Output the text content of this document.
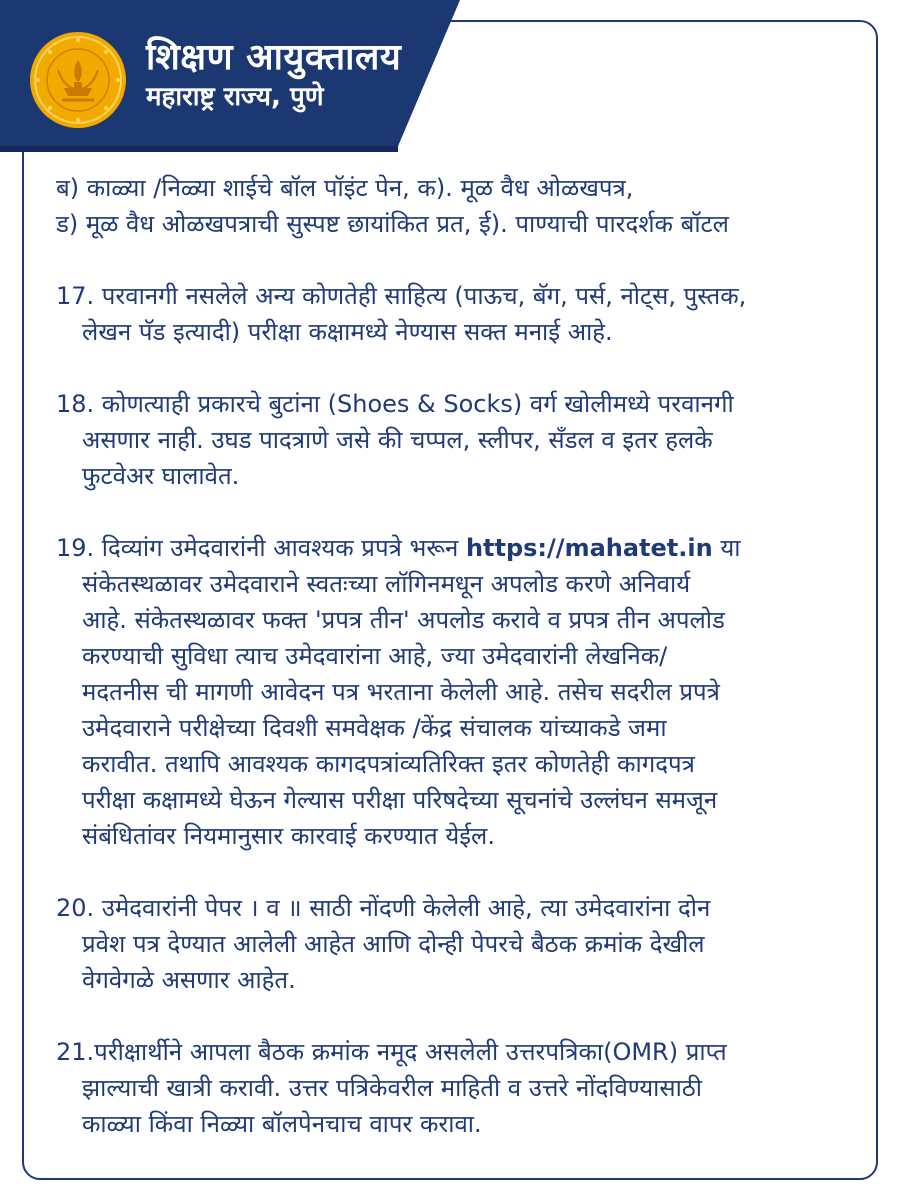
शिक्षण आयुक्तालय
महाराष्ट्र राज्य, पुणे
ब) काळ्या /निळ्या शाईचे बॉल पॉइंट पेन, क). मूळ वैध ओळखपत्र,
ड) मूळ वैध ओळखपत्राची सुस्पष्ट छायांकित प्रत, ई). पाण्याची पारदर्शक बॉटल
17. परवानगी नसलेले अन्य कोणतेही साहित्य (पाऊच, बॅग, पर्स, नोट्स, पुस्तक,
लेखन पॅड इत्यादी) परीक्षा कक्षामध्ये नेण्यास सक्त मनाई आहे.
18. कोणत्याही प्रकारचे बुटांना (Shoes & Socks) वर्ग खोलीमध्ये परवानगी
असणार नाही. उघड पादत्राणे जसे की चप्पल, स्लीपर, सँडल व इतर हलके
फुटवेअर घालावेत.
19. दिव्यांग उमेदवारांनी आवश्यक प्रपत्रे भरून https://mahatet.in या
संकेतस्थळावर उमेदवाराने स्वतःच्या लॉगिनमधून अपलोड करणे अनिवार्य
आहे. संकेतस्थळावर फक्त 'प्रपत्र तीन' अपलोड करावे व प्रपत्र तीन अपलोड
करण्याची सुविधा त्याच उमेदवारांना आहे, ज्या उमेदवारांनी लेखनिक/
मदतनीस ची मागणी आवेदन पत्र भरताना केलेली आहे. तसेच सदरील प्रपत्रे
उमेदवाराने परीक्षेच्या दिवशी समवेक्षक /केंद्र संचालक यांच्याकडे जमा
करावीत. तथापि आवश्यक कागदपत्रांव्यतिरिक्त इतर कोणतेही कागदपत्र
परीक्षा कक्षामध्ये घेऊन गेल्यास परीक्षा परिषदेच्या सूचनांचे उल्लंघन समजून
संबंधितांवर नियमानुसार कारवाई करण्यात येईल.
20. उमेदवारांनी पेपर । व ॥ साठी नोंदणी केलेली आहे, त्या उमेदवारांना दोन
प्रवेश पत्र देण्यात आलेली आहेत आणि दोन्ही पेपरचे बैठक क्रमांक देखील
वेगवेगळे असणार आहेत.
21.परीक्षार्थीने आपला बैठक क्रमांक नमूद असलेली उत्तरपत्रिका(OMR) प्राप्त
झाल्याची खात्री करावी. उत्तर पत्रिकेवरील माहिती व उत्तरे नोंदविण्यासाठी
काळ्या किंवा निळ्या बॉलपेनचाच वापर करावा.
